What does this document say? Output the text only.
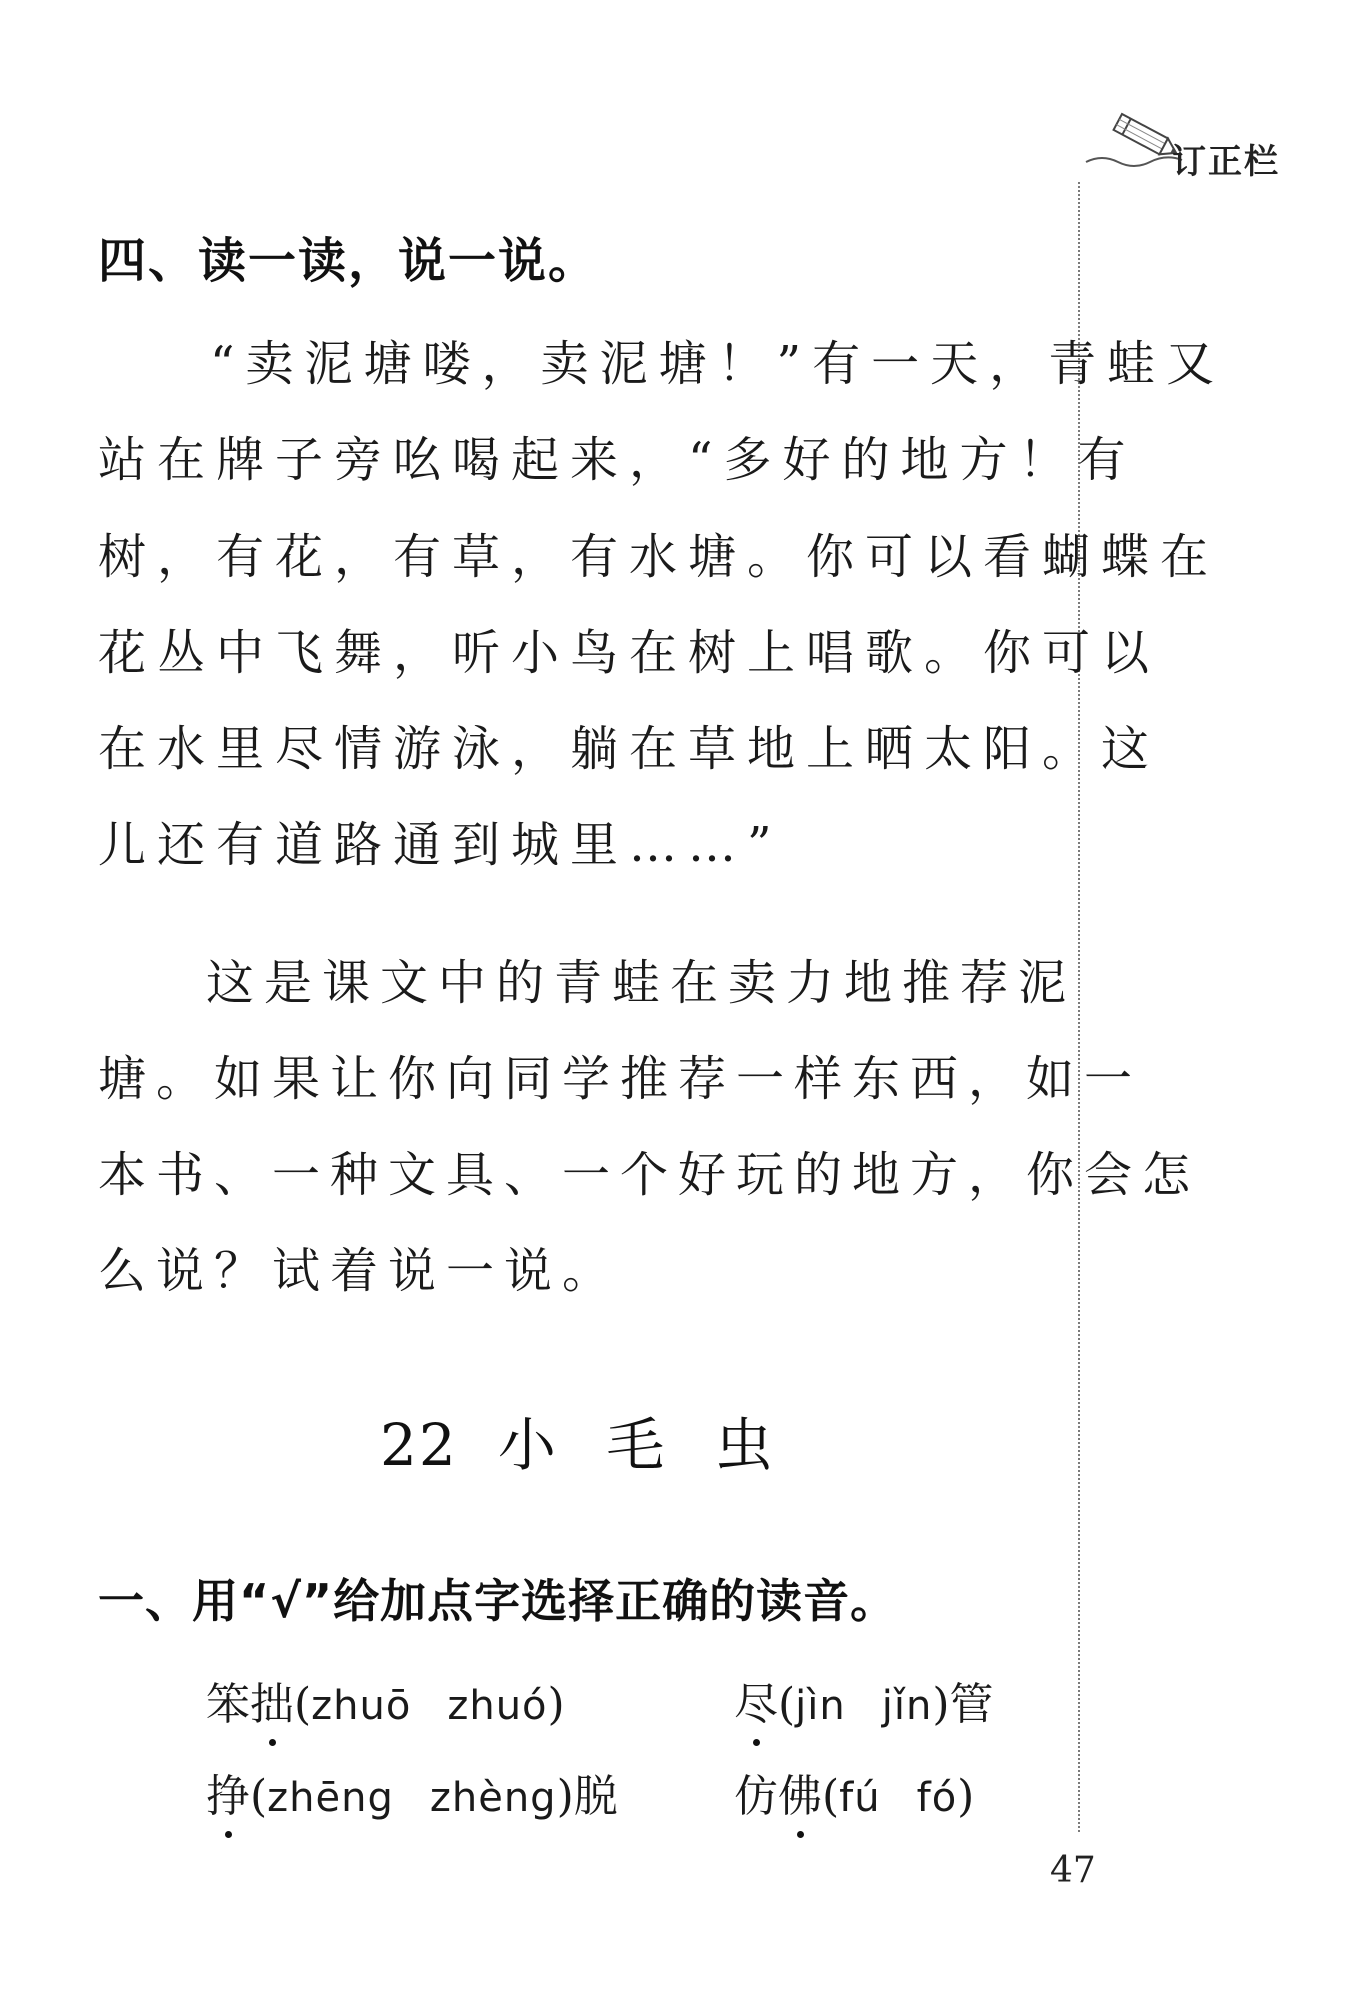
订正栏
四、读一读，说一说。
“卖泥塘喽，卖泥塘！”有一天，青蛙又
站在牌子旁吆喝起来，“多好的地方！有
树，有花，有草，有水塘。你可以看蝴蝶在
花丛中飞舞，听小鸟在树上唱歌。你可以
在水里尽情游泳，躺在草地上晒太阳。这
儿还有道路通到城里……”
这是课文中的青蛙在卖力地推荐泥
塘。如果让你向同学推荐一样东西，如一
本书、一种文具、一个好玩的地方，你会怎
么说？试着说一说。
22 小 毛 虫
一、用“√”给加点字选择正确的读音。
笨拙(zhuō zhuó)	尽(jìn jǐn)管
挣(zhēng zhèng)脱	仿佛(fú fó)
47
